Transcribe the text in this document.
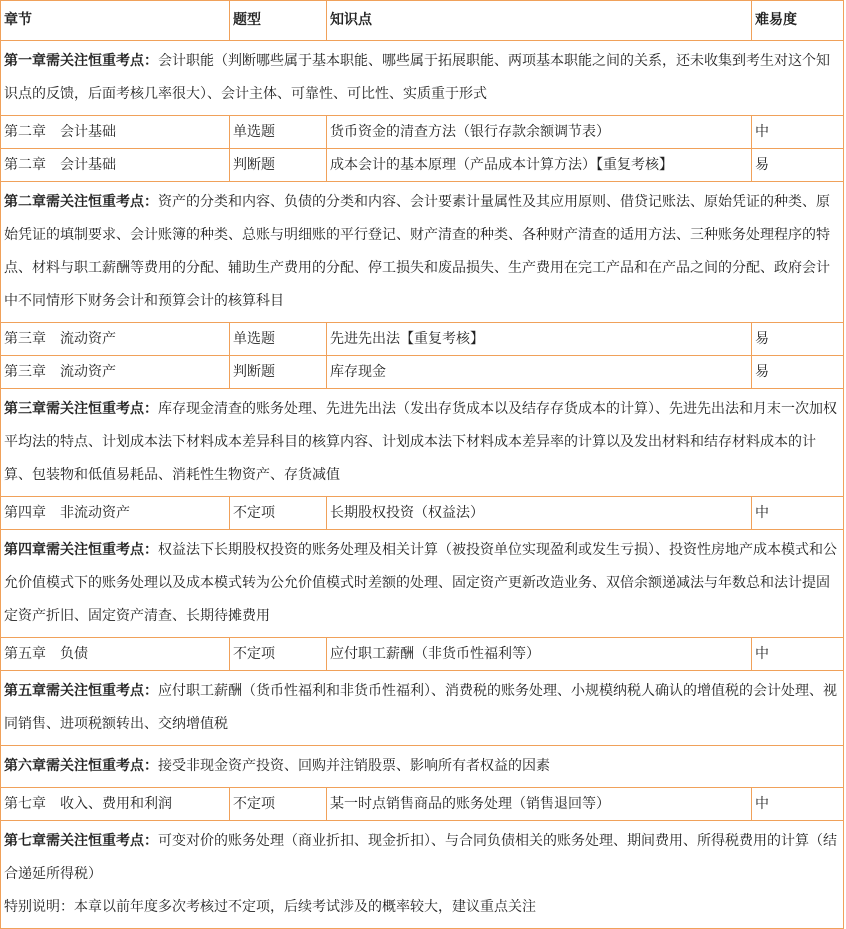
章节	题型	知识点	难易度
第一章需关注恒重考点：会计职能（判断哪些属于基本职能、哪些属于拓展职能、两项基本职能之间的关系，还未收集到考生对这个知识点的反馈，后面考核几率很大）、会计主体、可靠性、可比性、实质重于形式			
第二章　会计基础	单选题	货币资金的清查方法（银行存款余额调节表）	中
第二章　会计基础	判断题	成本会计的基本原理（产品成本计算方法）【重复考核】	易
第二章需关注恒重考点：资产的分类和内容、负债的分类和内容、会计要素计量属性及其应用原则、借贷记账法、原始凭证的种类、原始凭证的填制要求、会计账簿的种类、总账与明细账的平行登记、财产清查的种类、各种财产清查的适用方法、三种账务处理程序的特点、材料与职工薪酬等费用的分配、辅助生产费用的分配、停工损失和废品损失、生产费用在完工产品和在产品之间的分配、政府会计中不同情形下财务会计和预算会计的核算科目			
第三章　流动资产	单选题	先进先出法【重复考核】	易
第三章　流动资产	判断题	库存现金	易
第三章需关注恒重考点：库存现金清查的账务处理、先进先出法（发出存货成本以及结存存货成本的计算）、先进先出法和月末一次加权平均法的特点、计划成本法下材料成本差异科目的核算内容、计划成本法下材料成本差异率的计算以及发出材料和结存材料成本的计算、包装物和低值易耗品、消耗性生物资产、存货减值			
第四章　非流动资产	不定项	长期股权投资（权益法）	中
第四章需关注恒重考点：权益法下长期股权投资的账务处理及相关计算（被投资单位实现盈利或发生亏损）、投资性房地产成本模式和公允价值模式下的账务处理以及成本模式转为公允价值模式时差额的处理、固定资产更新改造业务、双倍余额递减法与年数总和法计提固定资产折旧、固定资产清查、长期待摊费用			
第五章　负债	不定项	应付职工薪酬（非货币性福利等）	中
第五章需关注恒重考点：应付职工薪酬（货币性福利和非货币性福利）、消费税的账务处理、小规模纳税人确认的增值税的会计处理、视同销售、进项税额转出、交纳增值税			
第六章需关注恒重考点：接受非现金资产投资、回购并注销股票、影响所有者权益的因素			
第七章　收入、费用和利润	不定项	某一时点销售商品的账务处理（销售退回等）	中
第七章需关注恒重考点：可变对价的账务处理（商业折扣、现金折扣）、与合同负债相关的账务处理、期间费用、所得税费用的计算（结合递延所得税）
特别说明：本章以前年度多次考核过不定项，后续考试涉及的概率较大，建议重点关注			
